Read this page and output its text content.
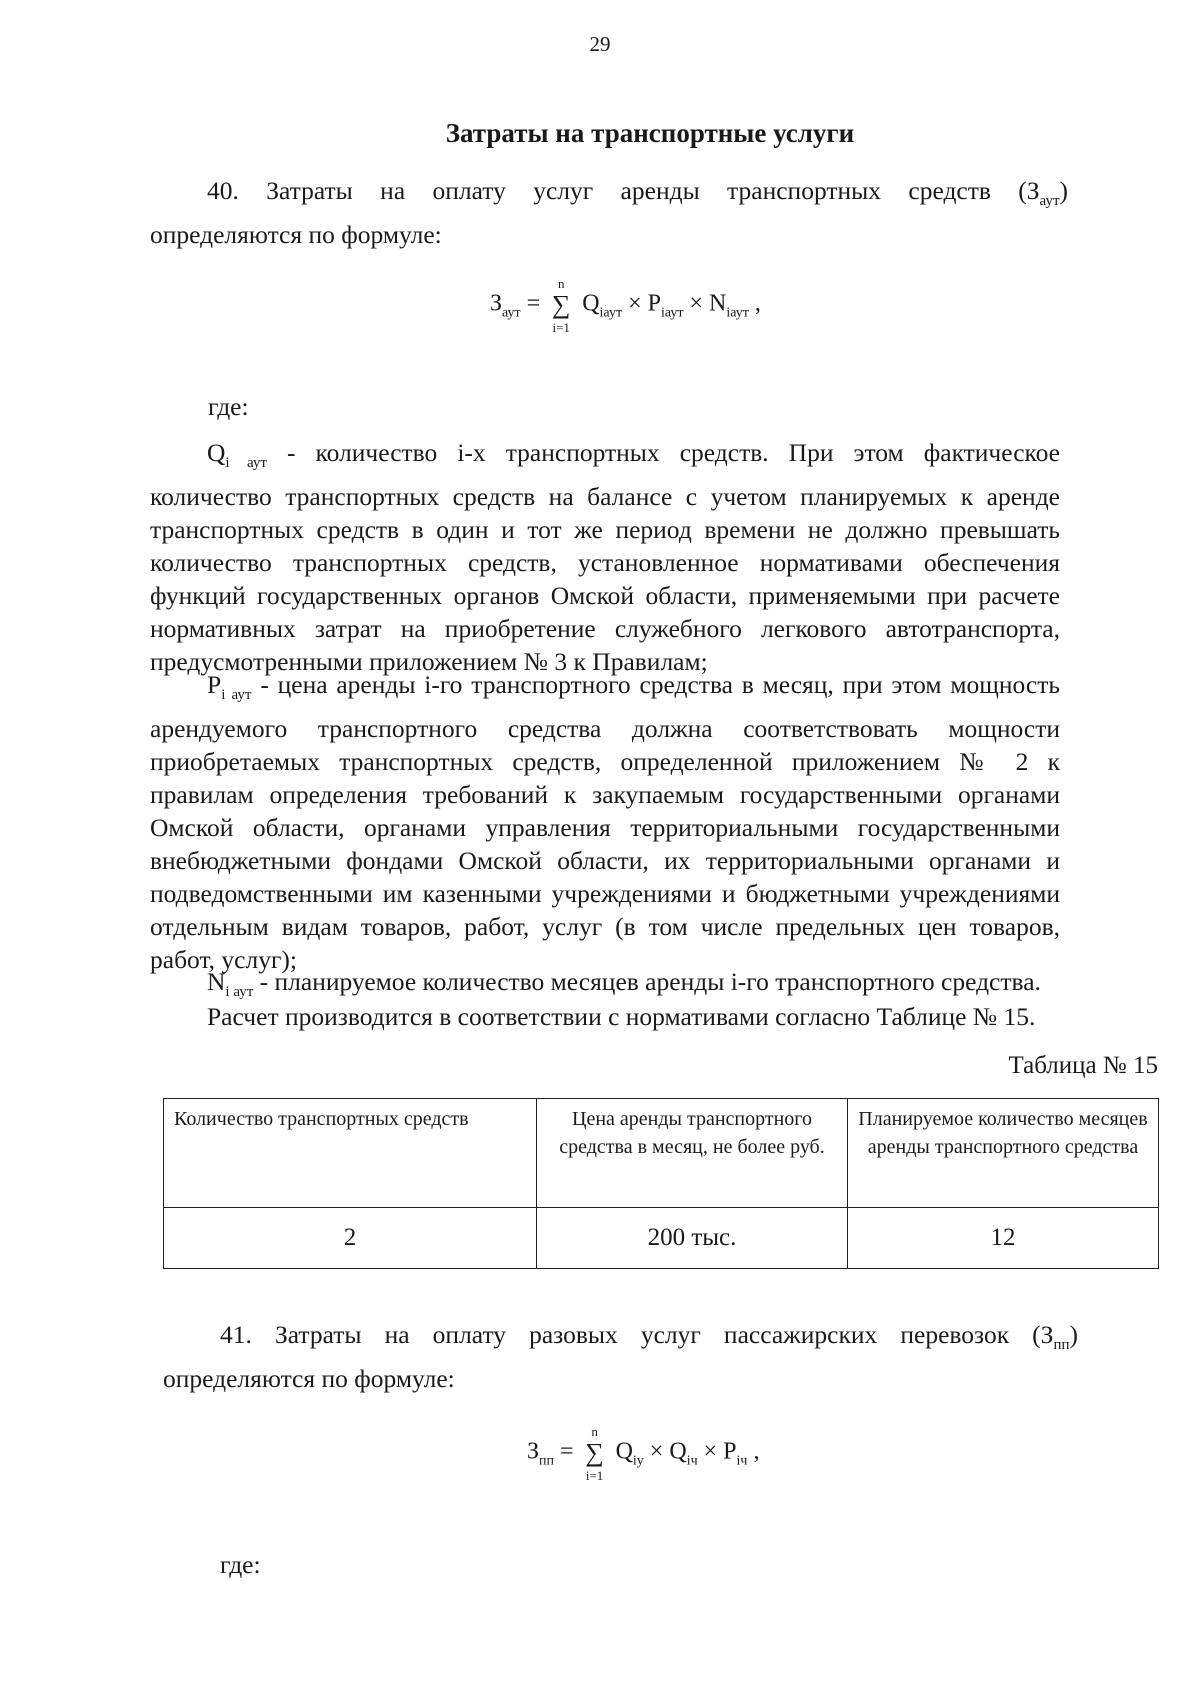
29
Затраты на транспортные услуги
40. Затраты на оплату услуг аренды транспортных средств $(З_{аут})$
определяются по формуле:
$З_{аут}$ =
n
∑
i=1
$Q_{iаут} \times P_{iаут} \times N_{iаут}$ ,
где:
$Q_{i аут}$ - количество i-х транспортных средств. При этом фактическое
количество транспортных средств на балансе с учетом планируемых к аренде
транспортных средств в один и тот же период времени не должно превышать
количество транспортных средств, установленное нормативами обеспечения
функций государственных органов Омской области, применяемыми при расчете
нормативных затрат на приобретение служебного легкового автотранспорта,
предусмотренными приложением № 3 к Правилам;
$P_{i аут}$ - цена аренды i-го транспортного средства в месяц, при этом мощность
арендуемого транспортного средства должна соответствовать мощности
приобретаемых транспортных средств, определенной приложением № 2 к
правилам определения требований к закупаемым государственными органами
Омской области, органами управления территориальными государственными
внебюджетными фондами Омской области, их территориальными органами и
подведомственными им казенными учреждениями и бюджетными учреждениями
отдельным видам товаров, работ, услуг (в том числе предельных цен товаров,
работ, услуг);
$N_{i аут}$ - планируемое количество месяцев аренды i-го транспортного средства.
Расчет производится в соответствии с нормативами согласно Таблице № 15.
Таблица № 15
Количество транспортных средств	Цена аренды транспортного средства в месяц, не более руб.	Планируемое количество месяцев аренды транспортного средства
2	200 тыс.	12
41. Затраты на оплату разовых услуг пассажирских перевозок $(З_{пп})$
определяются по формуле:
$З_{пп}$ =
n
∑
i=1
$Q_{iу} \times Q_{iч} \times P_{iч}$ ,
где:
